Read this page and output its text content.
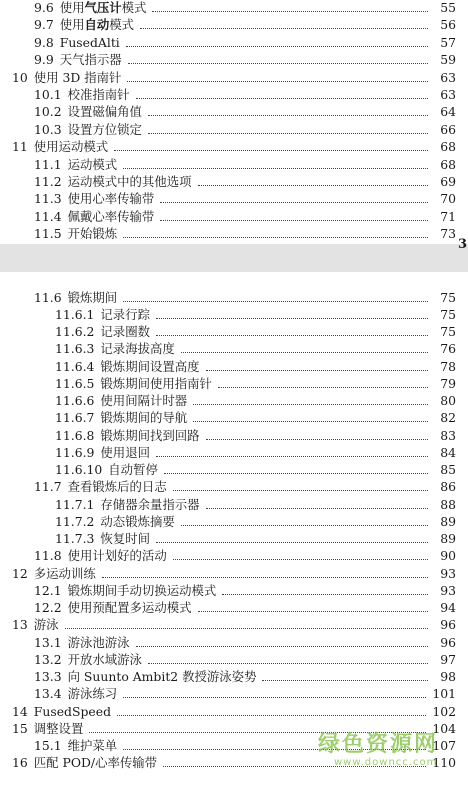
9.6 使用气压计模式	55
9.7 使用自动模式	56
9.8 FusedAlti	57
9.9 天气指示器	59
10 使用 3D 指南针	63
10.1 校准指南针	63
10.2 设置磁偏角值	64
10.3 设置方位锁定	66
11 使用运动模式	68
11.1 运动模式	68
11.2 运动模式中的其他选项	69
11.3 使用心率传输带	70
11.4 佩戴心率传输带	71
11.5 开始锻炼	73
3
11.6 锻炼期间	75
11.6.1 记录行踪	75
11.6.2 记录圈数	75
11.6.3 记录海拔高度	76
11.6.4 锻炼期间设置高度	78
11.6.5 锻炼期间使用指南针	79
11.6.6 使用间隔计时器	80
11.6.7 锻炼期间的导航	82
11.6.8 锻炼期间找到回路	83
11.6.9 使用退回	84
11.6.10 自动暂停	85
11.7 查看锻炼后的日志	86
11.7.1 存储器余量指示器	88
11.7.2 动态锻炼摘要	89
11.7.3 恢复时间	89
11.8 使用计划好的活动	90
12 多运动训练	93
12.1 锻炼期间手动切换运动模式	93
12.2 使用预配置多运动模式	94
13 游泳	96
13.1 游泳池游泳	96
13.2 开放水域游泳	97
13.3 向 Suunto Ambit2 教授游泳姿势	98
13.4 游泳练习	101
14 FusedSpeed	102
15 调整设置	104
15.1 维护菜单	107
16 匹配 POD/心率传输带	110
绿色资源网
www.downcc.com
